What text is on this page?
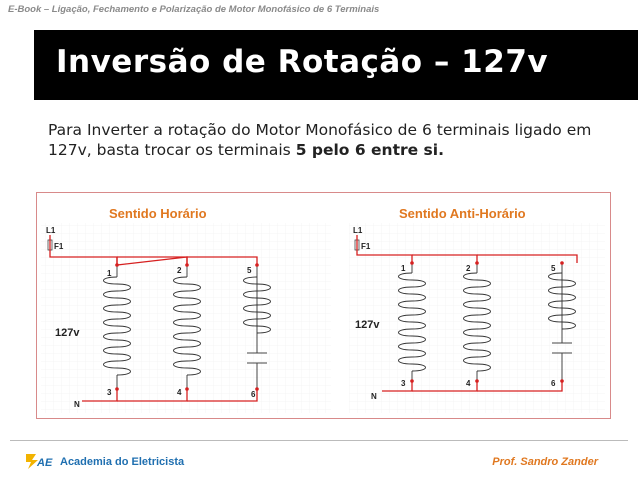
E-Book – Ligação, Fechamento e Polarização de Motor Monofásico de 6 Terminais
Inversão de Rotação – 127v
Para Inverter a rotação do Motor Monofásico de 6 terminais ligado em 127v, basta trocar os terminais 5 pelo 6 entre si.
Sentido Horário
L1
F1
127v
N
1	2	5
3	4	6
Sentido Anti-Horário
L1
F1
127v
N
1	2	5
3	4	6
AE Academia do Eletricista	Prof. Sandro Zander
